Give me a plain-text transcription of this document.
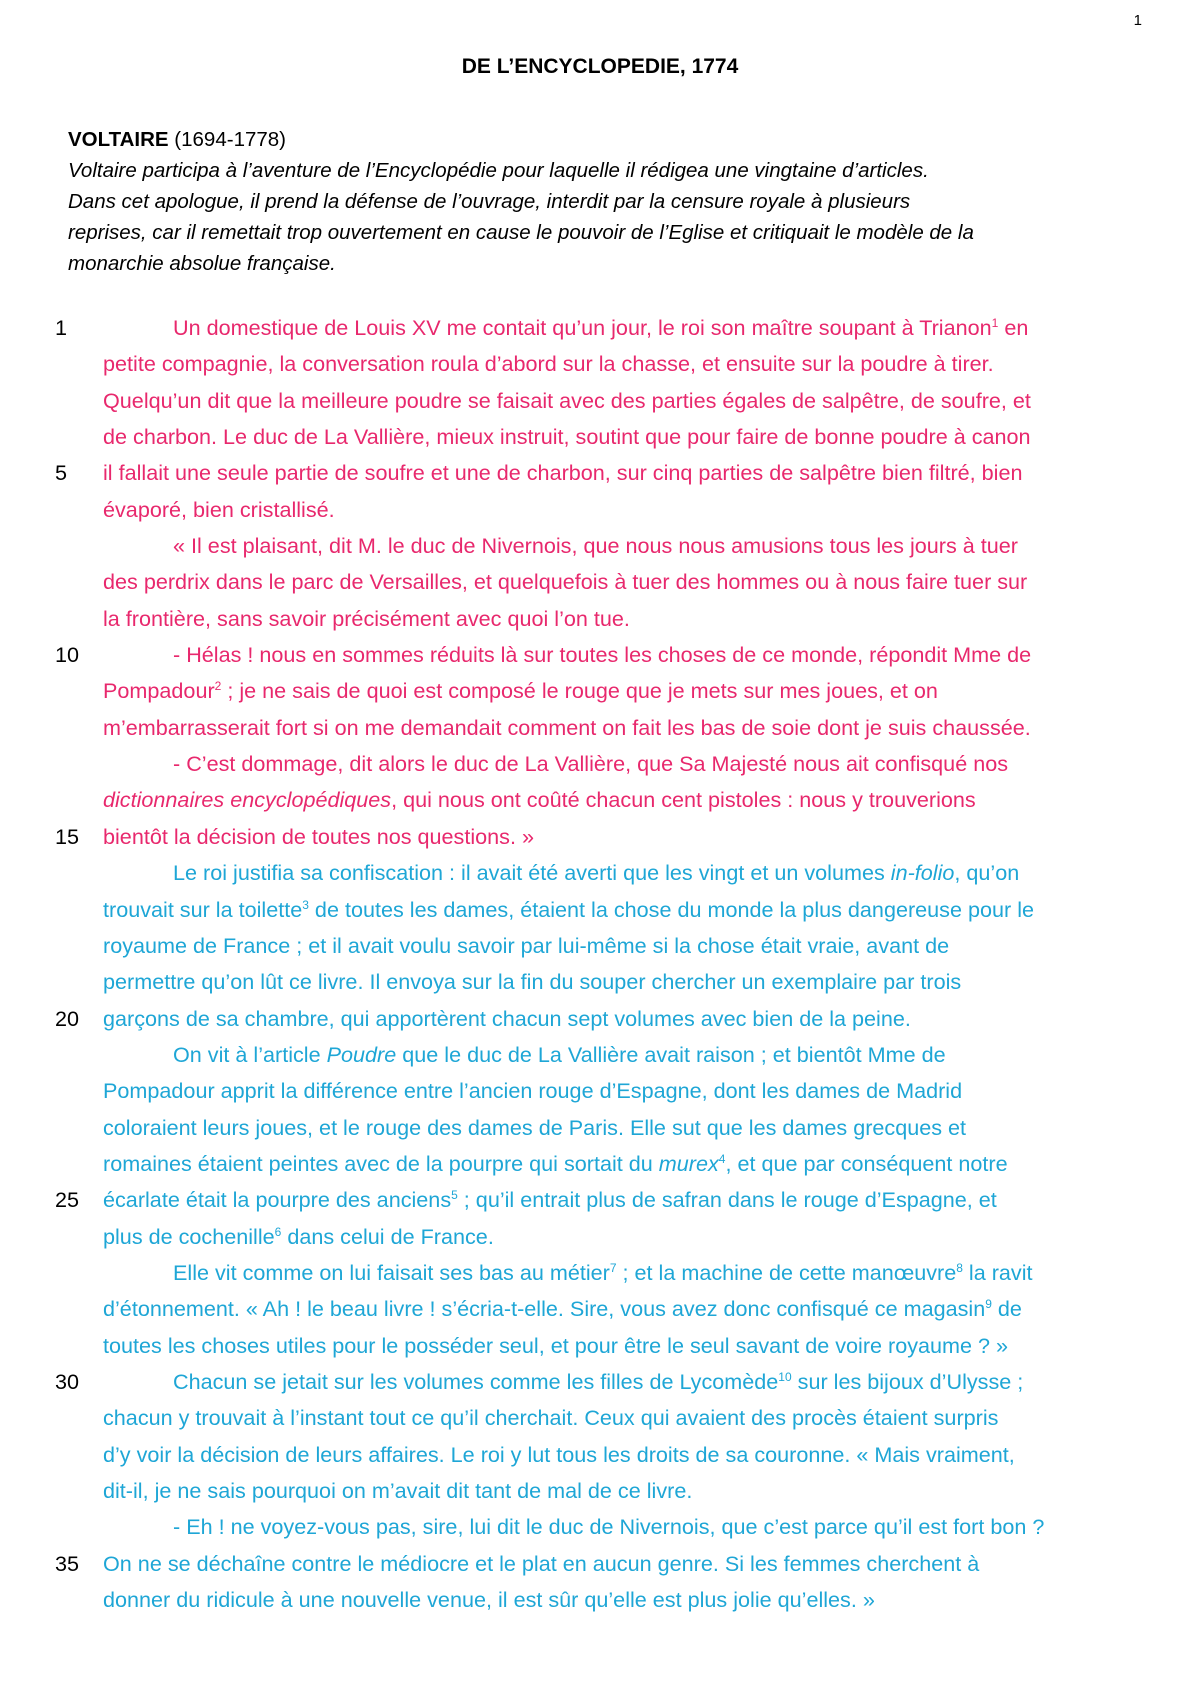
1
DE L’ENCYCLOPEDIE, 1774
VOLTAIRE (1694-1778)

Voltaire participa à l’aventure de l’Encyclopédie pour laquelle il rédigea une vingtaine d’articles.
Dans cet apologue, il prend la défense de l’ouvrage, interdit par la censure royale à plusieurs
reprises, car il remettait trop ouvertement en cause le pouvoir de l’Eglise et critiquait le modèle de la
monarchie absolue française.

1	Un domestique de Louis XV me contait qu’un jour, le roi son maître soupant à Trianon$^1$ en
petite compagnie, la conversation roula d’abord sur la chasse, et ensuite sur la poudre à tirer.
Quelqu’un dit que la meilleure poudre se faisait avec des parties égales de salpêtre, de soufre, et
de charbon. Le duc de La Vallière, mieux instruit, soutint que pour faire de bonne poudre à canon
5 il fallait une seule partie de soufre et une de charbon, sur cinq parties de salpêtre bien filtré, bien
évaporé, bien cristallisé.
« Il est plaisant, dit M. le duc de Nivernois, que nous nous amusions tous les jours à tuer
des perdrix dans le parc de Versailles, et quelquefois à tuer des hommes ou à nous faire tuer sur
la frontière, sans savoir précisément avec quoi l’on tue.
10	- Hélas ! nous en sommes réduits là sur toutes les choses de ce monde, répondit Mme de
Pompadour$^2$ ; je ne sais de quoi est composé le rouge que je mets sur mes joues, et on
m’embarrasserait fort si on me demandait comment on fait les bas de soie dont je suis chaussée.
- C’est dommage, dit alors le duc de La Vallière, que Sa Majesté nous ait confisqué nos
dictionnaires encyclopédiques, qui nous ont coûté chacun cent pistoles : nous y trouverions
15 bientôt la décision de toutes nos questions. »
Le roi justifia sa confiscation : il avait été averti que les vingt et un volumes in-folio, qu’on
trouvait sur la toilette$^3$ de toutes les dames, étaient la chose du monde la plus dangereuse pour le
royaume de France ; et il avait voulu savoir par lui-même si la chose était vraie, avant de
permettre qu’on lût ce livre. Il envoya sur la fin du souper chercher un exemplaire par trois
20 garçons de sa chambre, qui apportèrent chacun sept volumes avec bien de la peine.
On vit à l’article Poudre que le duc de La Vallière avait raison ; et bientôt Mme de
Pompadour apprit la différence entre l’ancien rouge d’Espagne, dont les dames de Madrid
coloraient leurs joues, et le rouge des dames de Paris. Elle sut que les dames grecques et
romaines étaient peintes avec de la pourpre qui sortait du murex$^4$, et que par conséquent notre
25 écarlate était la pourpre des anciens$^5$ ; qu’il entrait plus de safran dans le rouge d’Espagne, et
plus de cochenille$^6$ dans celui de France.
Elle vit comme on lui faisait ses bas au métier$^7$ ; et la machine de cette manœuvre$^8$ la ravit
d’étonnement. « Ah ! le beau livre ! s’écria-t-elle. Sire, vous avez donc confisqué ce magasin$^9$ de
toutes les choses utiles pour le posséder seul, et pour être le seul savant de voire royaume ? »
30	Chacun se jetait sur les volumes comme les filles de Lycomède$^{10}$ sur les bijoux d’Ulysse ;
chacun y trouvait à l’instant tout ce qu’il cherchait. Ceux qui avaient des procès étaient surpris
d’y voir la décision de leurs affaires. Le roi y lut tous les droits de sa couronne. « Mais vraiment,
dit-il, je ne sais pourquoi on m’avait dit tant de mal de ce livre.
- Eh ! ne voyez-vous pas, sire, lui dit le duc de Nivernois, que c’est parce qu’il est fort bon ?
35 On ne se déchaîne contre le médiocre et le plat en aucun genre. Si les femmes cherchent à
donner du ridicule à une nouvelle venue, il est sûr qu’elle est plus jolie qu’elles. »
